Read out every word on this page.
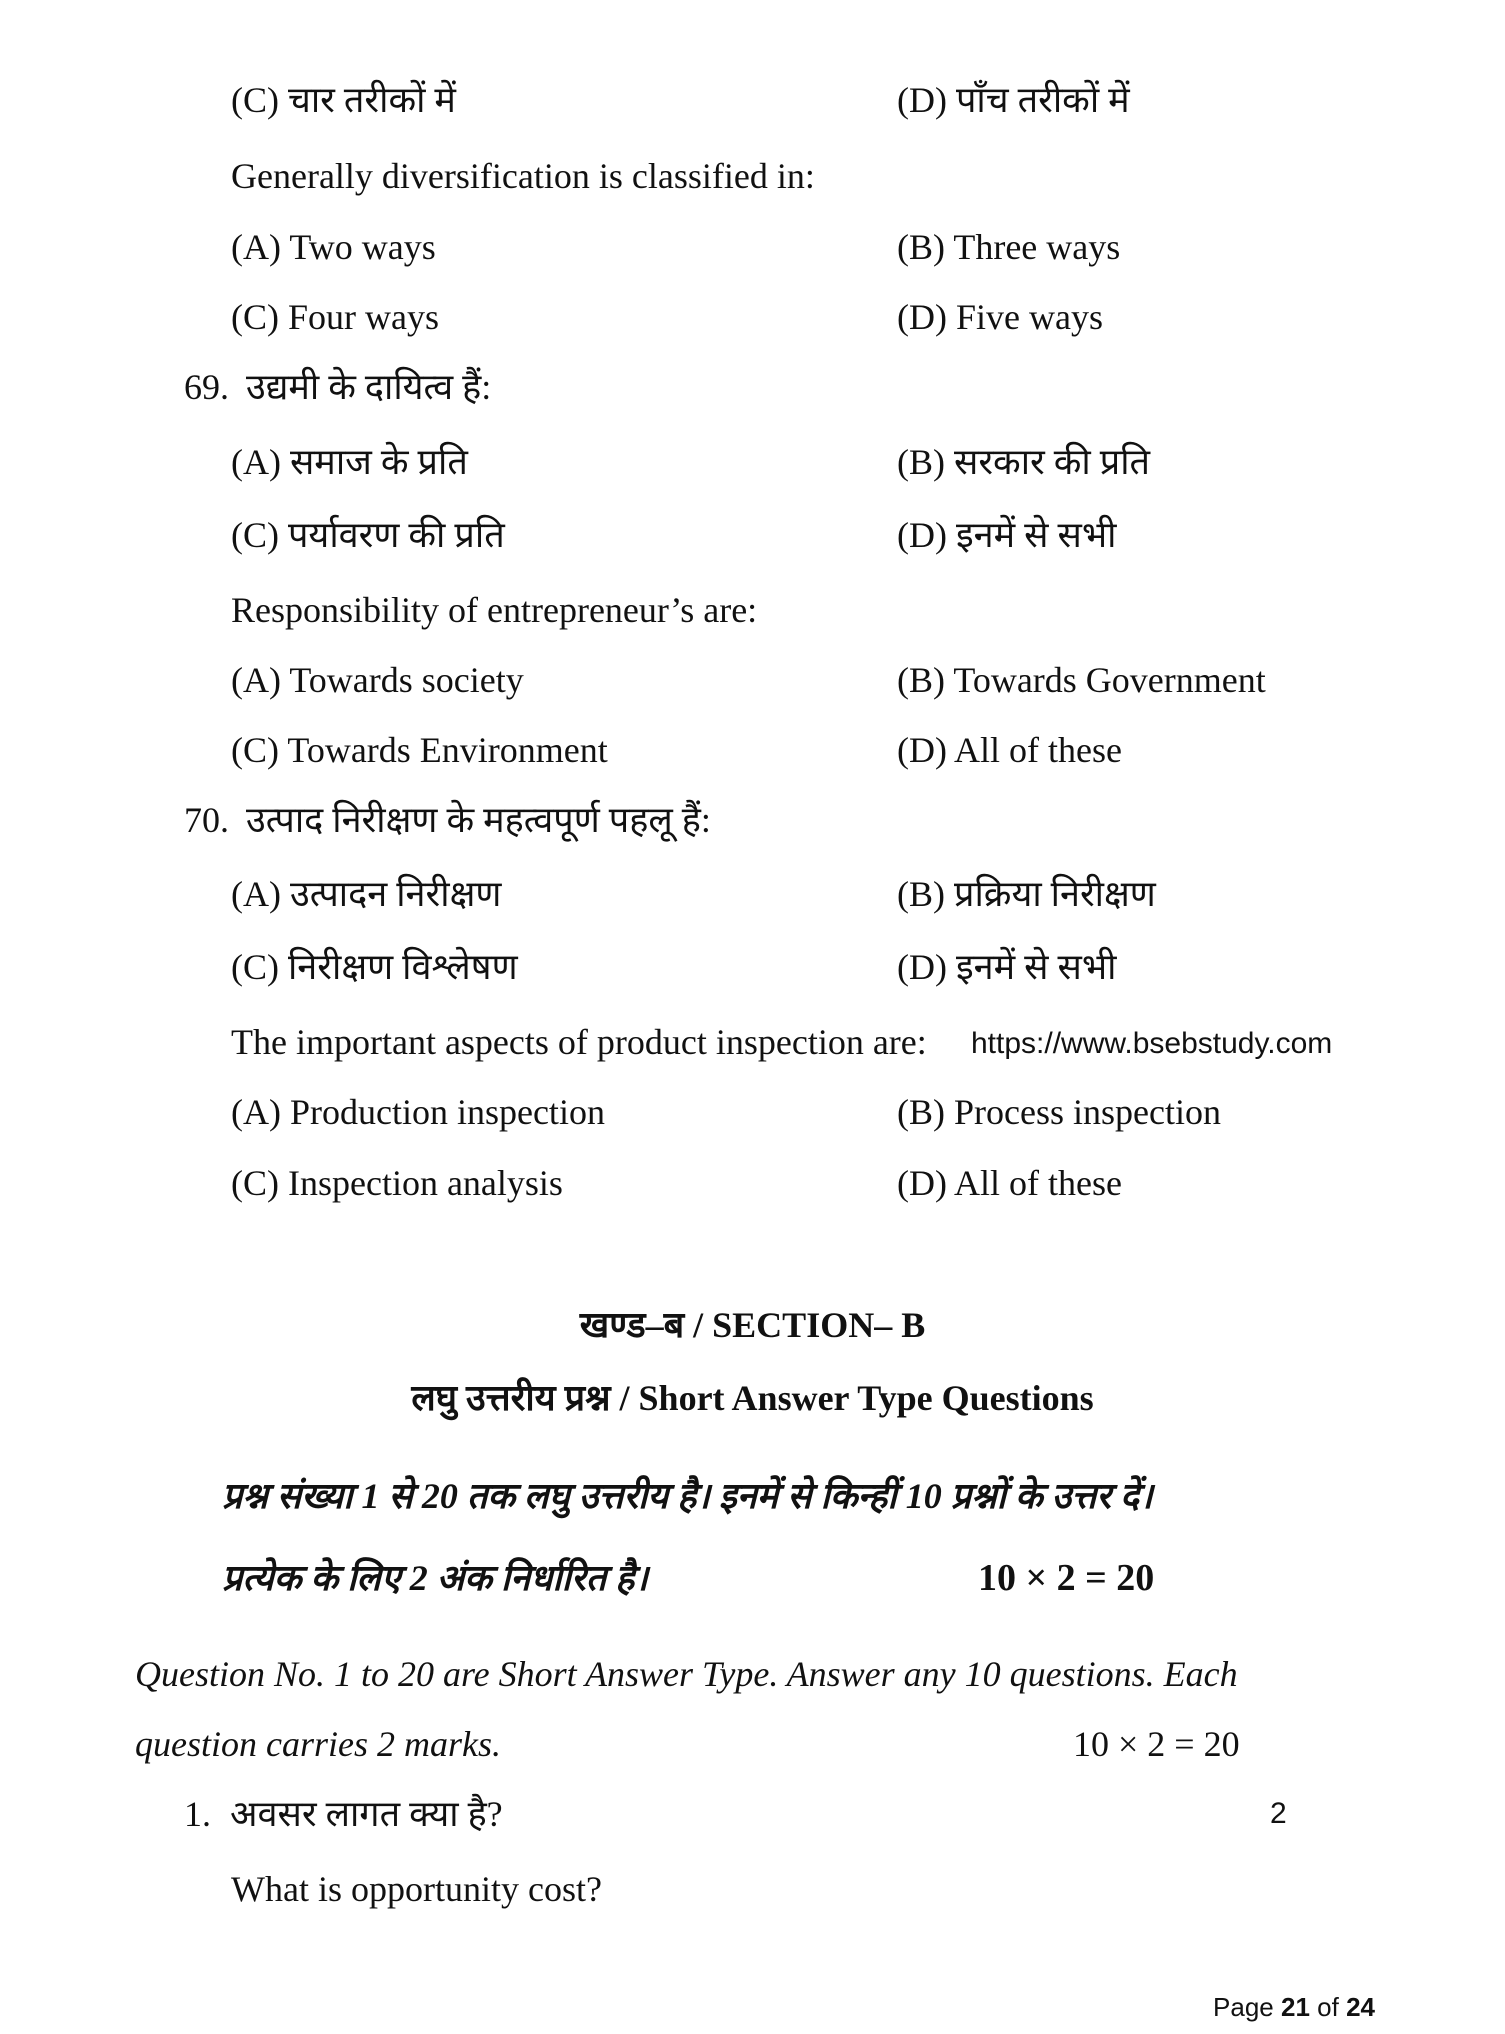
(C) चार तरीकों में	(D) पाँच तरीकों में
Generally diversification is classified in:
(A) Two ways	(B) Three ways
(C) Four ways	(D) Five ways
69. उद्यमी के दायित्व हैं:
(A) समाज के प्रति	(B) सरकार की प्रति
(C) पर्यावरण की प्रति	(D) इनमें से सभी
Responsibility of entrepreneur’s are:
(A) Towards society	(B) Towards Government
(C) Towards Environment	(D) All of these
70. उत्पाद निरीक्षण के महत्वपूर्ण पहलू हैं:
(A) उत्पादन निरीक्षण	(B) प्रक्रिया निरीक्षण
(C) निरीक्षण विश्लेषण	(D) इनमें से सभी
The important aspects of product inspection are: https://www.bsebstudy.com
(A) Production inspection	(B) Process inspection
(C) Inspection analysis	(D) All of these
खण्ड–ब / SECTION– B
लघु उत्तरीय प्रश्न / Short Answer Type Questions
प्रश्न संख्या 1 से 20 तक लघु उत्तरीय है। इनमें से किन्हीं 10 प्रश्नों के उत्तर दें।
प्रत्येक के लिए 2 अंक निर्धारित है।	10 × 2 = 20
Question No. 1 to 20 are Short Answer Type. Answer any 10 questions. Each
question carries 2 marks.	10 × 2 = 20
1. अवसर लागत क्या है?	2
What is opportunity cost?
Page 21 of 24
